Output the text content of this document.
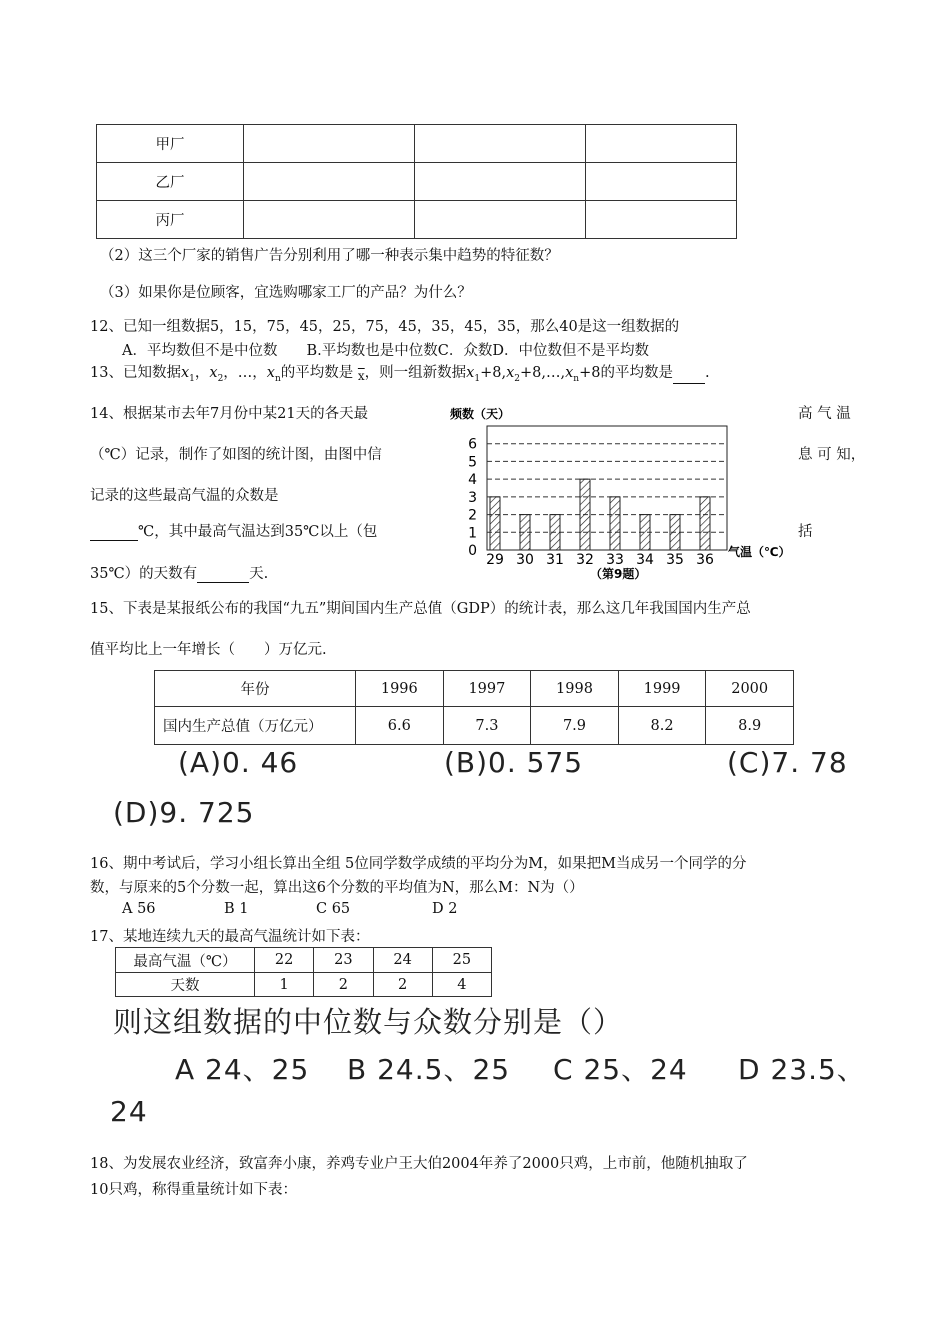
甲厂			
乙厂			
丙厂			
（2）这三个厂家的销售广告分别利用了哪一种表示集中趋势的特征数？
（3）如果你是位顾客，宜选购哪家工厂的产品？为什么？
12、已知一组数据5，15，75，45，25，75，45，35，45，35，那么40是这一组数据的
A．平均数但不是中位数　　B.平均数也是中位数C．众数D．中位数但不是平均数
13、已知数据$x_1$，$x_2$，…，$x_n$的平均数是 $_{\overline{x}}$，则一组新数据$x_1+8,x_2+8,\dots,x_n+8$的平均数是 .
14、根据某市去年7月份中某21天的各天最	高 气 温
（℃）记录，制作了如图的统计图，由图中信	息 可 知，
记录的这些最高气温的众数是
℃，其中最高气温达到35℃以上（包	括
35℃）的天数有	天.
频数（天）
0
1
2
3
4
5
6
29 30 31 32 33 34 35 36 气温（℃）
（第9题）
15、下表是某报纸公布的我国“九五”期间国内生产总值（GDP）的统计表，那么这几年我国国内生产总
值平均比上一年增长（　　）万亿元.
年份	1996	1997	1998	1999	2000
国内生产总值（万亿元）	6.6	7.3	7.9	8.2	8.9
(A)0. 46	(B)0. 575	(C)7. 78
(D)9. 725
16、期中考试后，学习小组长算出全组 5位同学数学成绩的平均分为M，如果把M当成另一个同学的分
数，与原来的5个分数一起，算出这6个分数的平均值为N，那么M：N为（）
A 56	B 1	C 65	D 2
17、某地连续九天的最高气温统计如下表：
最高气温（℃）	22	23	24	25
天数	1	2	2	4
则这组数据的中位数与众数分别是（）
A 24、25 B 24.5、25 C 25、24 D 23.5、
24
18、为发展农业经济，致富奔小康，养鸡专业户王大伯2004年养了2000只鸡，上市前，他随机抽取了
10只鸡，称得重量统计如下表：
